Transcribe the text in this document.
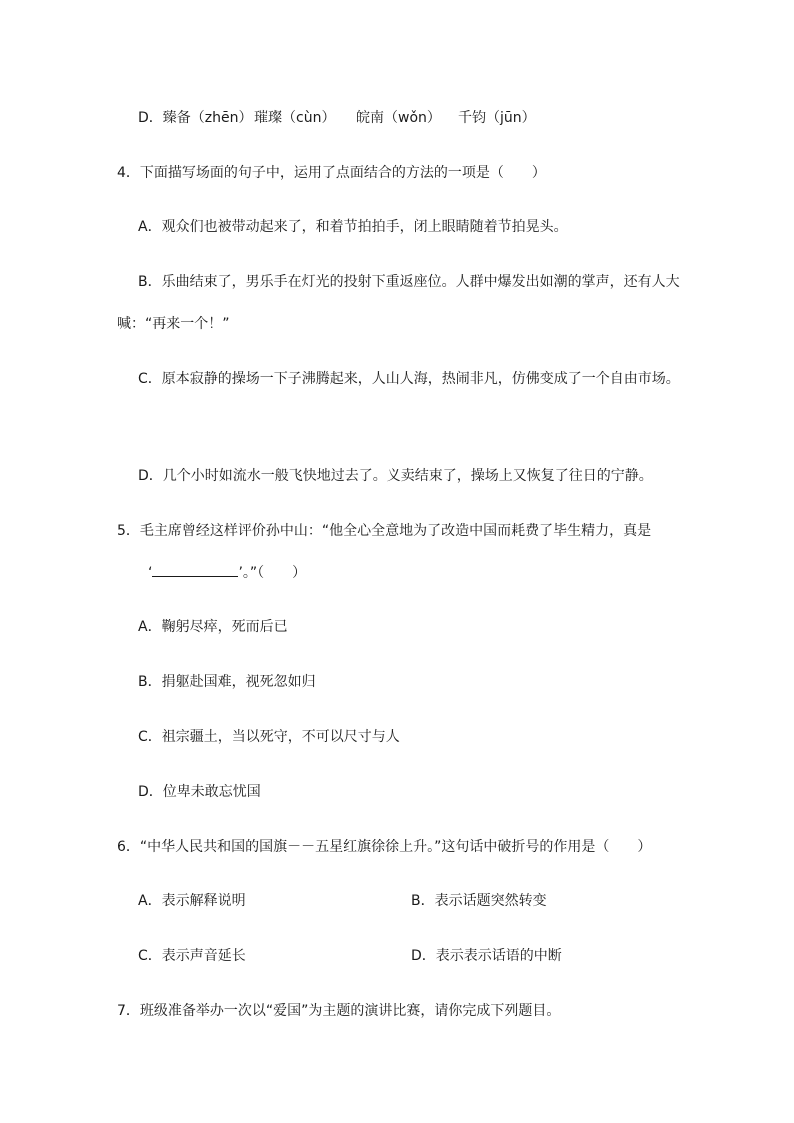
D．臻备（zhēn） 璀璨（cùn） 皖南（wǒn） 千钧（jūn）
4．下面描写场面的句子中，运用了点面结合的方法的一项是（　　）
A．观众们也被带动起来了，和着节拍拍手，闭上眼睛随着节拍晃头。
B．乐曲结束了，男乐手在灯光的投射下重返座位。人群中爆发出如潮的掌声，还有人大
喊：“再来一个！”
C．原本寂静的操场一下子沸腾起来，人山人海，热闹非凡，仿佛变成了一个自由市场。
D．几个小时如流水一般飞快地过去了。义卖结束了，操场上又恢复了往日的宁静。
5．毛主席曾经这样评价孙中山：“他全心全意地为了改造中国而耗费了毕生精力，真是
‘	’。”（　　）
A．鞠躬尽瘁，死而后已
B．捐躯赴国难，视死忽如归
C．祖宗疆土，当以死守，不可以尺寸与人
D．位卑未敢忘忧国
6．“中华人民共和国的国旗－－五星红旗徐徐上升。”这句话中破折号的作用是（　　）
A．表示解释说明	B．表示话题突然转变
C．表示声音延长	D．表示表示话语的中断
7．班级准备举办一次以“爱国”为主题的演讲比赛，请你完成下列题目。
